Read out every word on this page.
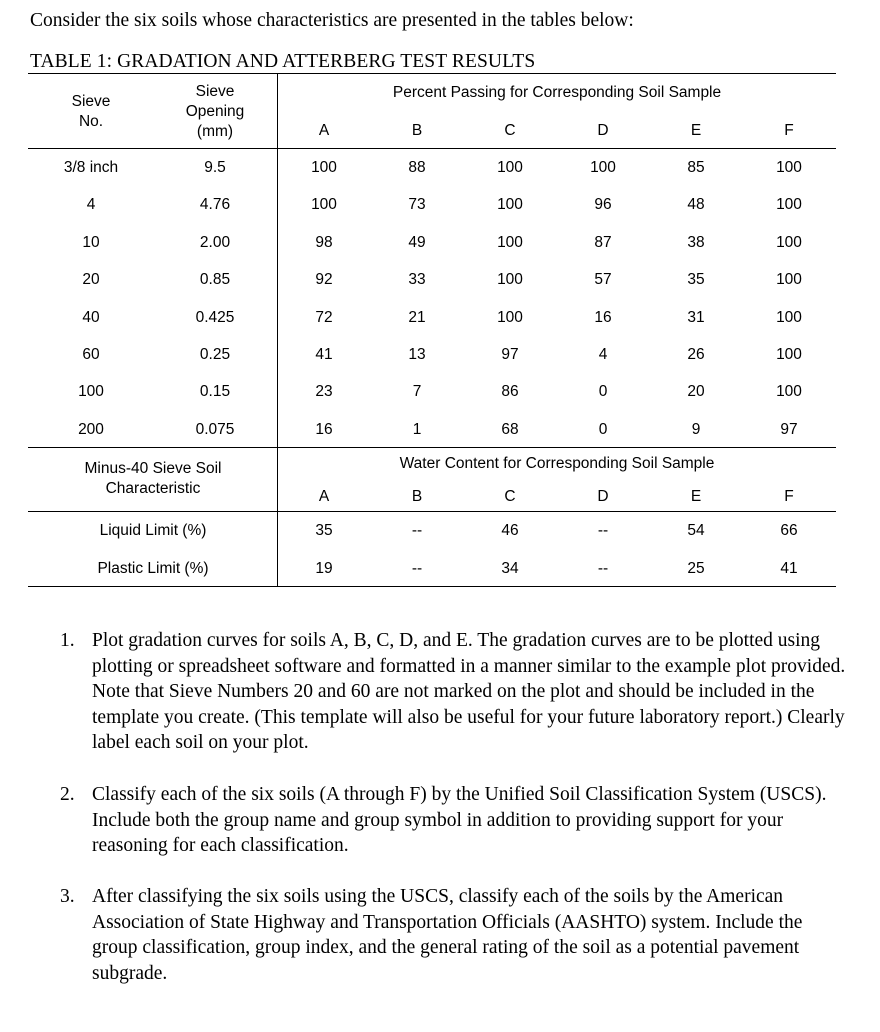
Consider the six soils whose characteristics are presented in the tables below:
TABLE 1: GRADATION AND ATTERBERG TEST RESULTS
Sieve
No.
Sieve
Opening
(mm)
Percent Passing for Corresponding Soil Sample
A	B	C	D	E	F
3/8 inch	9.5	100	88	100	100	85	100
4	4.76	100	73	100	96	48	100
10	2.00	98	49	100	87	38	100
20	0.85	92	33	100	57	35	100
40	0.425	72	21	100	16	31	100
60	0.25	41	13	97	4	26	100
100	0.15	23	7	86	0	20	100
200	0.075	16	1	68	0	9	97
Minus-40 Sieve Soil
Characteristic
Water Content for Corresponding Soil Sample
A	B	C	D	E	F
Liquid Limit (%)	35	--	46	--	54	66
Plastic Limit (%)	19	--	34	--	25	41
1. Plot gradation curves for soils A, B, C, D, and E. The gradation curves are to be plotted using plotting or spreadsheet software and formatted in a manner similar to the example plot provided. Note that Sieve Numbers 20 and 60 are not marked on the plot and should be included in the template you create. (This template will also be useful for your future laboratory report.) Clearly label each soil on your plot.
2. Classify each of the six soils (A through F) by the Unified Soil Classification System (USCS). Include both the group name and group symbol in addition to providing support for your reasoning for each classification.
3. After classifying the six soils using the USCS, classify each of the soils by the American Association of State Highway and Transportation Officials (AASHTO) system. Include the group classification, group index, and the general rating of the soil as a potential pavement subgrade.
